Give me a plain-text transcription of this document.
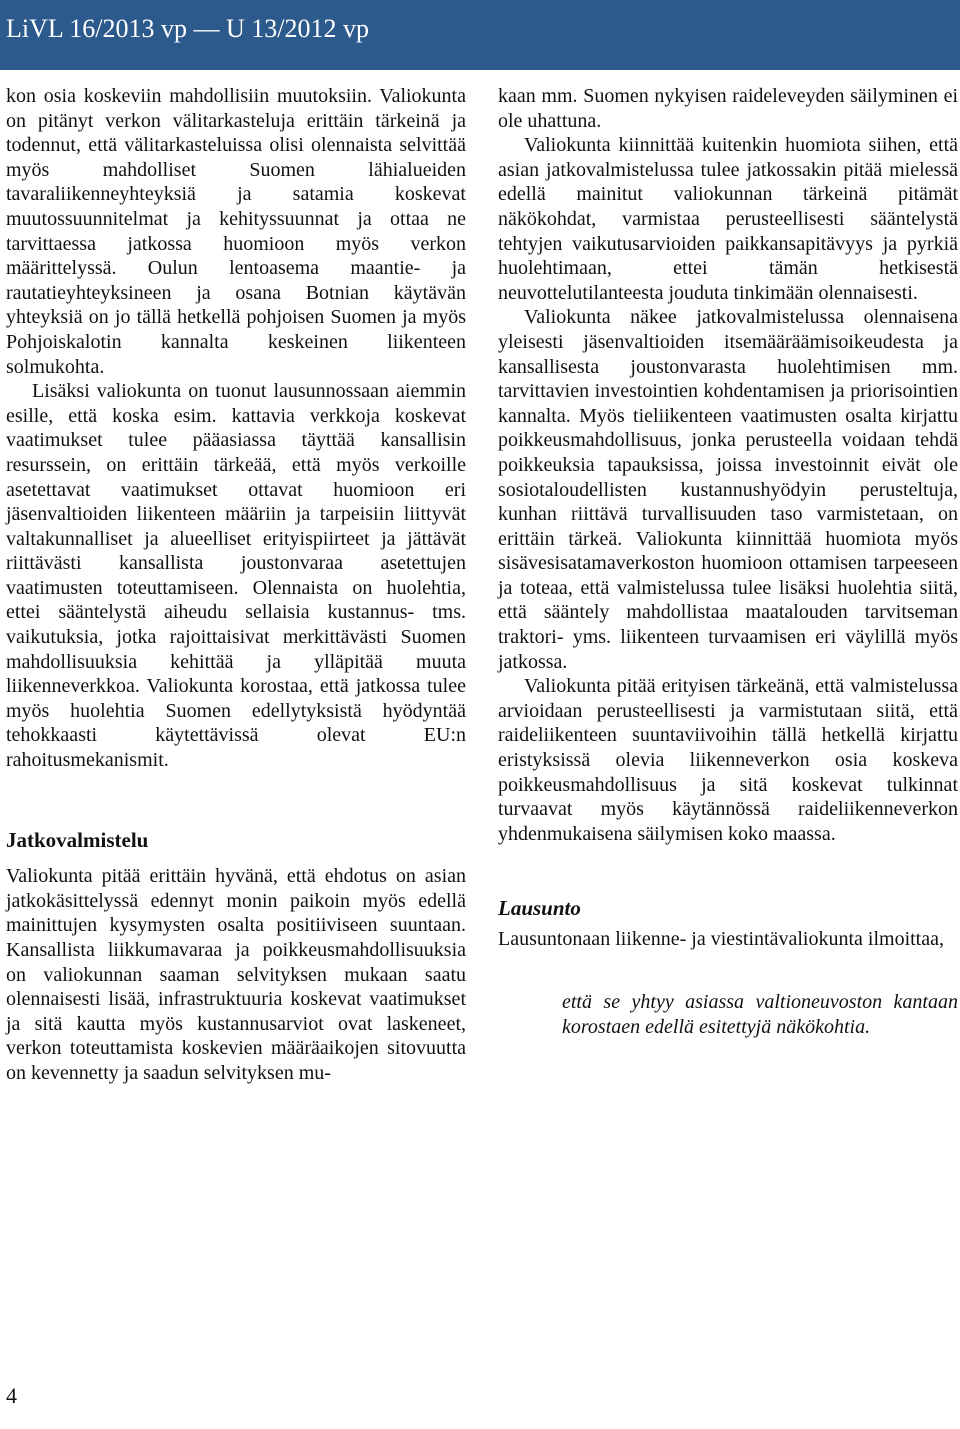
LiVL 16/2013 vp — U 13/2012 vp

kon osia koskeviin mahdollisiin muutoksiin. Valiokunta on pitänyt verkon välitarkasteluja erittäin tärkeinä ja todennut, että välitarkasteluissa olisi olennaista selvittää myös mahdolliset Suomen lähialueiden tavaraliikenneyhteyksiä ja satamia koskevat muutossuunnitelmat ja kehityssuunnat ja ottaa ne tarvittaessa jatkossa huomioon myös verkon määrittelyssä. Oulun lentoasema maantie- ja rautatieyhteyksineen ja osana Botnian käytävän yhteyksiä on jo tällä hetkellä pohjoisen Suomen ja myös Pohjoiskalotin kannalta keskeinen liikenteen solmukohta.

Lisäksi valiokunta on tuonut lausunnossaan aiemmin esille, että koska esim. kattavia verkkoja koskevat vaatimukset tulee pääasiassa täyttää kansallisin resurssein, on erittäin tärkeää, että myös verkoille asetettavat vaatimukset ottavat huomioon eri jäsenvaltioiden liikenteen määriin ja tarpeisiin liittyvät valtakunnalliset ja alueelliset erityispiirteet ja jättävät riittävästi kansallista joustonvaraa asetettujen vaatimusten toteuttamiseen. Olennaista on huolehtia, ettei sääntelystä aiheudu sellaisia kustannus- tms. vaikutuksia, jotka rajoittaisivat merkittävästi Suomen mahdollisuuksia kehittää ja ylläpitää muuta liikenneverkkoa. Valiokunta korostaa, että jatkossa tulee myös huolehtia Suomen edellytyksistä hyödyntää tehokkaasti käytettävissä olevat EU:n rahoitusmekanismit.

Jatkovalmistelu

Valiokunta pitää erittäin hyvänä, että ehdotus on asian jatkokäsittelyssä edennyt monin paikoin myös edellä mainittujen kysymysten osalta positiiviseen suuntaan. Kansallista liikkumavaraa ja poikkeusmahdollisuuksia on valiokunnan saaman selvityksen mukaan saatu olennaisesti lisää, infrastruktuuria koskevat vaatimukset ja sitä kautta myös kustannusarviot ovat laskeneet, verkon toteuttamista koskevien määräaikojen sitovuutta on kevennetty ja saadun selvityksen mu-

kaan mm. Suomen nykyisen raideleveyden säilyminen ei ole uhattuna.

Valiokunta kiinnittää kuitenkin huomiota siihen, että asian jatkovalmistelussa tulee jatkossakin pitää mielessä edellä mainitut valiokunnan tärkeinä pitämät näkökohdat, varmistaa perusteellisesti sääntelystä tehtyjen vaikutusarvioiden paikkansapitävyys ja pyrkiä huolehtimaan, ettei tämän hetkisestä neuvottelutilanteesta jouduta tinkimään olennaisesti.

Valiokunta näkee jatkovalmistelussa olennaisena yleisesti jäsenvaltioiden itsemääräämisoikeudesta ja kansallisesta joustonvarasta huolehtimisen mm. tarvittavien investointien kohdentamisen ja priorisointien kannalta. Myös tieliikenteen vaatimusten osalta kirjattu poikkeusmahdollisuus, jonka perusteella voidaan tehdä poikkeuksia tapauksissa, joissa investoinnit eivät ole sosiotaloudellisten kustannushyödyin perusteltuja, kunhan riittävä turvallisuuden taso varmistetaan, on erittäin tärkeä. Valiokunta kiinnittää huomiota myös sisävesisatamaverkoston huomioon ottamisen tarpeeseen ja toteaa, että valmistelussa tulee lisäksi huolehtia siitä, että sääntely mahdollistaa maatalouden tarvitseman traktori- yms. liikenteen turvaamisen eri väylillä myös jatkossa.

Valiokunta pitää erityisen tärkeänä, että valmistelussa arvioidaan perusteellisesti ja varmistutaan siitä, että raideliikenteen suuntaviivoihin tällä hetkellä kirjattu eristyksissä olevia liikenneverkon osia koskeva poikkeusmahdollisuus ja sitä koskevat tulkinnat turvaavat myös käytännössä raideliikenneverkon yhdenmukaisena säilymisen koko maassa.

Lausunto

Lausuntonaan liikenne- ja viestintävaliokunta ilmoittaa,

että se yhtyy asiassa valtioneuvoston kantaan korostaen edellä esitettyjä näkökohtia.

4
